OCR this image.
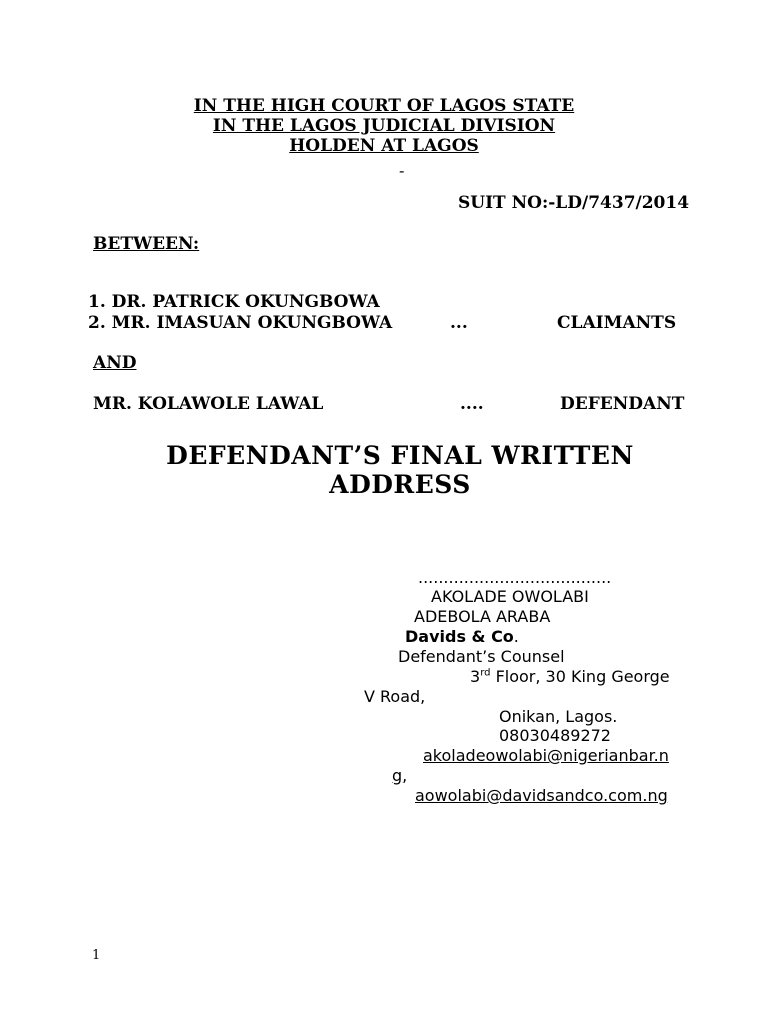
IN THE HIGH COURT OF LAGOS STATE
IN THE LAGOS JUDICIAL DIVISION
HOLDEN AT LAGOS
-
SUIT NO:-LD/7437/2014
BETWEEN:
1. DR. PATRICK OKUNGBOWA
2. MR. IMASUAN OKUNGBOWA	...	CLAIMANTS
AND
MR. KOLAWOLE LAWAL	....	DEFENDANT
DEFENDANT’S FINAL WRITTEN
ADDRESS
......................................
AKOLADE OWOLABI
ADEBOLA ARABA
Davids & Co.
Defendant’s Counsel
3rd Floor, 30 King George
V Road,
Onikan, Lagos.
08030489272
akoladeowolabi@nigerianbar.n
g,
aowolabi@davidsandco.com.ng
1
